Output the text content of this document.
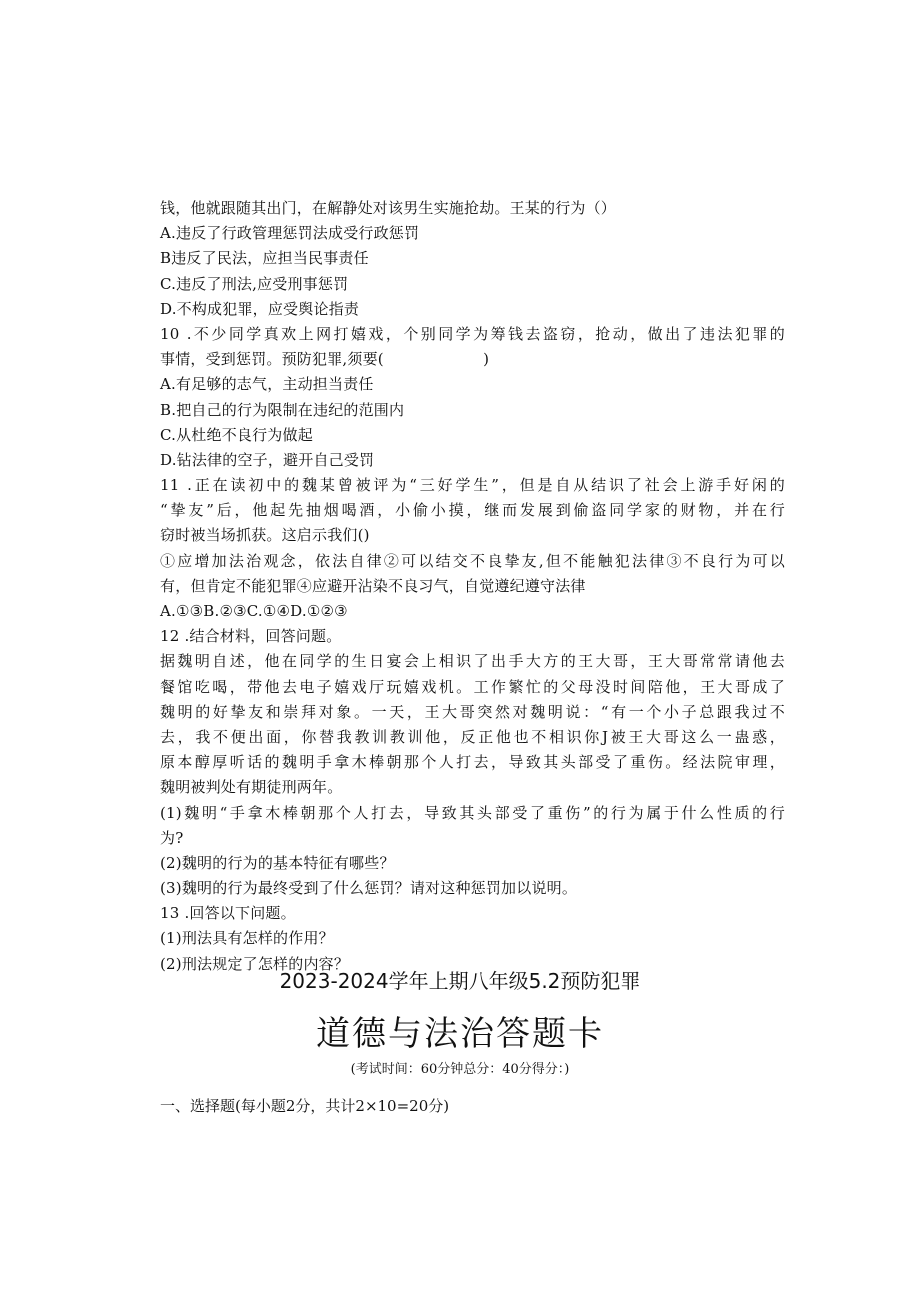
钱，他就跟随其出门，在解静处对该男生实施抢劫。王某的行为（）
A.违反了行政管理惩罚法成受行政惩罚
B违反了民法，应担当民事责任
C.违反了刑法,应受刑事惩罚
D.不构成犯罪，应受舆论指责
10 .不少同学真欢上网打嬉戏，个别同学为筹钱去盗窃，抢动，做出了违法犯罪的
事情，受到惩罚。预防犯罪,须要(                    )
A.有足够的志气，主动担当责任
B.把自己的行为限制在违纪的范围内
C.从杜绝不良行为做起
D.钻法律的空子，避开自己受罚
11 .正在读初中的魏某曾被评为“三好学生”，但是自从结识了社会上游手好闲的
“挚友”后，他起先抽烟喝酒，小偷小摸，继而发展到偷盗同学家的财物，并在行
窃时被当场抓获。这启示我们()
①应增加法治观念，依法自律②可以结交不良挚友,但不能触犯法律③不良行为可以
有，但肯定不能犯罪④应避开沾染不良习气，自觉遵纪遵守法律
A.①③B.②③C.①④D.①②③
12 .结合材料，回答问题。
据魏明自述，他在同学的生日宴会上相识了出手大方的王大哥，王大哥常常请他去
餐馆吃喝，带他去电子嬉戏厅玩嬉戏机。工作繁忙的父母没时间陪他，王大哥成了
魏明的好挚友和崇拜对象。一天，王大哥突然对魏明说：“有一个小子总跟我过不
去，我不便出面，你替我教训教训他，反正他也不相识你J被王大哥这么一蛊惑，
原本醇厚听话的魏明手拿木棒朝那个人打去，导致其头部受了重伤。经法院审理，
魏明被判处有期徒刑两年。
(1)魏明“手拿木棒朝那个人打去，导致其头部受了重伤”的行为属于什么性质的行
为?
(2)魏明的行为的基本特征有哪些？
(3)魏明的行为最终受到了什么惩罚？请对这种惩罚加以说明。
13 .回答以下问题。
(1)刑法具有怎样的作用？
(2)刑法规定了怎样的内容？
2023-2024学年上期八年级5.2预防犯罪
道德与法治答题卡
(考试时间：60分钟总分：40分得分：)
一、选择题(每小题2分，共计2×10=20分)
